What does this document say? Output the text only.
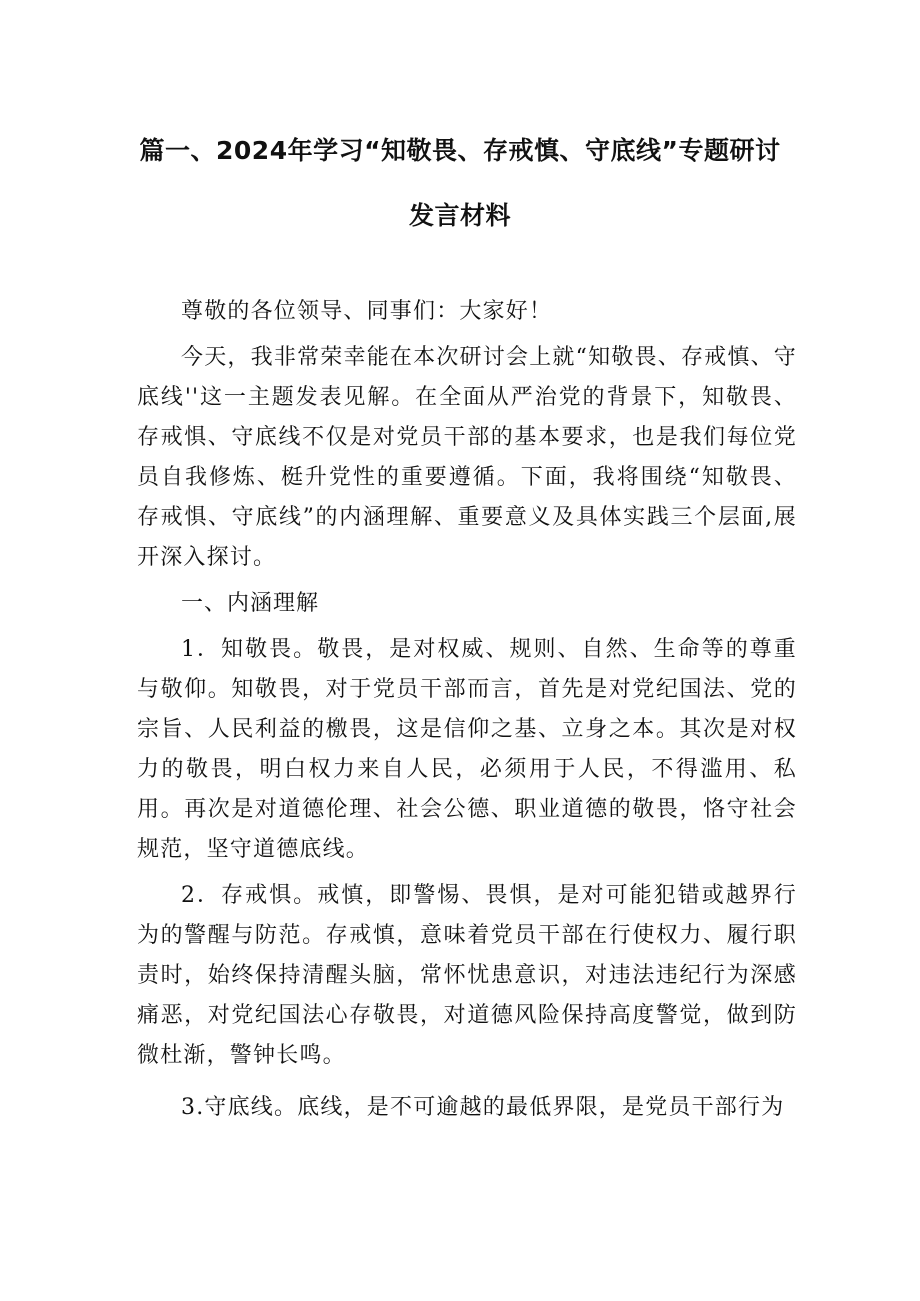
篇一、2024年学习“知敬畏、存戒慎、守底线”专题研讨
发言材料

尊敬的各位领导、同事们：大家好！

今天，我非常荣幸能在本次研讨会上就“知敬畏、存戒慎、守底线''这一主题发表见解。在全面从严治党的背景下，知敬畏、存戒惧、守底线不仅是对党员干部的基本要求，也是我们每位党员自我修炼、梃升党性的重要遵循。下面，我将围绕“知敬畏、存戒惧、守底线”的内涵理解、重要意义及具体实践三个层面,展开深入探讨。

一、内涵理解

1．知敬畏。敬畏，是对权威、规则、自然、生命等的尊重与敬仰。知敬畏，对于党员干部而言，首先是对党纪国法、党的宗旨、人民利益的檄畏，这是信仰之基、立身之本。其次是对权力的敬畏，明白权力来自人民，必须用于人民，不得滥用、私用。再次是对道德伦理、社会公德、职业道德的敬畏，恪守社会规范，坚守道德底线。

2．存戒惧。戒慎，即警惕、畏惧，是对可能犯错或越界行为的警醒与防范。存戒慎，意味着党员干部在行使权力、履行职责时，始终保持清醒头脑，常怀忧患意识，对违法违纪行为深感痛恶，对党纪国法心存敬畏，对道德风险保持高度警觉，做到防微杜渐，警钟长鸣。

3.守底线。底线，是不可逾越的最低界限，是党员干部行为
